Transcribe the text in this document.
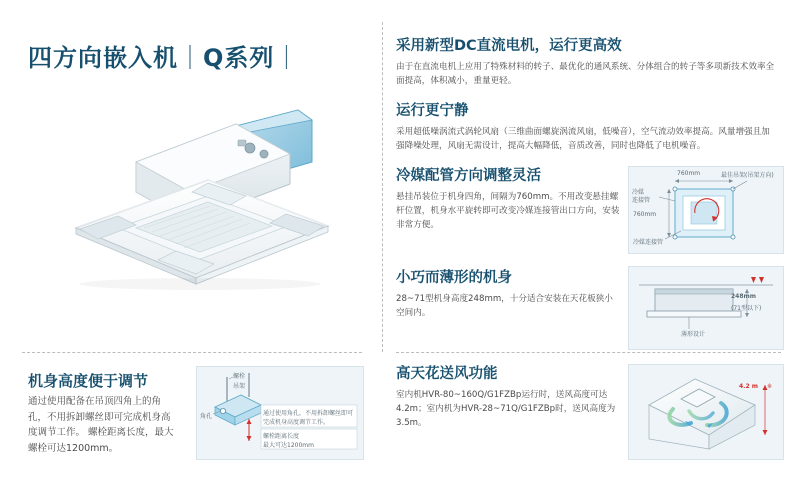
四方向嵌入机｜Q系列｜	采用新型DC直流电机，运行更高效

由于在直流电机上应用了特殊材料的转子、最优化的通风系统、分体组合的转子等多项新技术效率全面提高，体积减小，重量更轻。

运行更宁静

采用超低噪涡流式涡轮风扇（三维曲面螺旋涡流风扇，低噪音），空气流动效率提高。风量增强且加强降噪处理，风扇无需设计，提高大幅降低，音质改善，同时也降低了电机噪音。

冷媒配管方向调整灵活

悬挂吊装位于机身四角，间隔为760mm。不用改变悬挂螺杆位置，机身水平旋转即可改变冷媒连接管出口方向，安装非常方便。

小巧而薄形的机身

28~71型机身高度248mm，十分适合安装在天花板狭小空间内。

高天花送风功能

室内机HVR-80~160Q/G1FZBp运行时，送风高度可达4.2m；室内机为HVR-28~71Q/G1FZBp时，送风高度为3.5m。

760mm	最佳吊架(吊架方向)
冷媒
连接管
760mm
冷媒连接管
248mm
(71型以下)
薄形设计
4.2 m ※
机身高度便于调节
通过使用配备在吊顶四角上的角孔，不用拆卸螺丝即可完成机身高度调节工作。 螺栓距离长度，最大螺栓可达1200mm。
螺栓
吊架
角孔	通过使用角孔，不用拆卸螺丝即可
完成机身高度调节工作。
螺栓距离长度
最大可达1200mm
